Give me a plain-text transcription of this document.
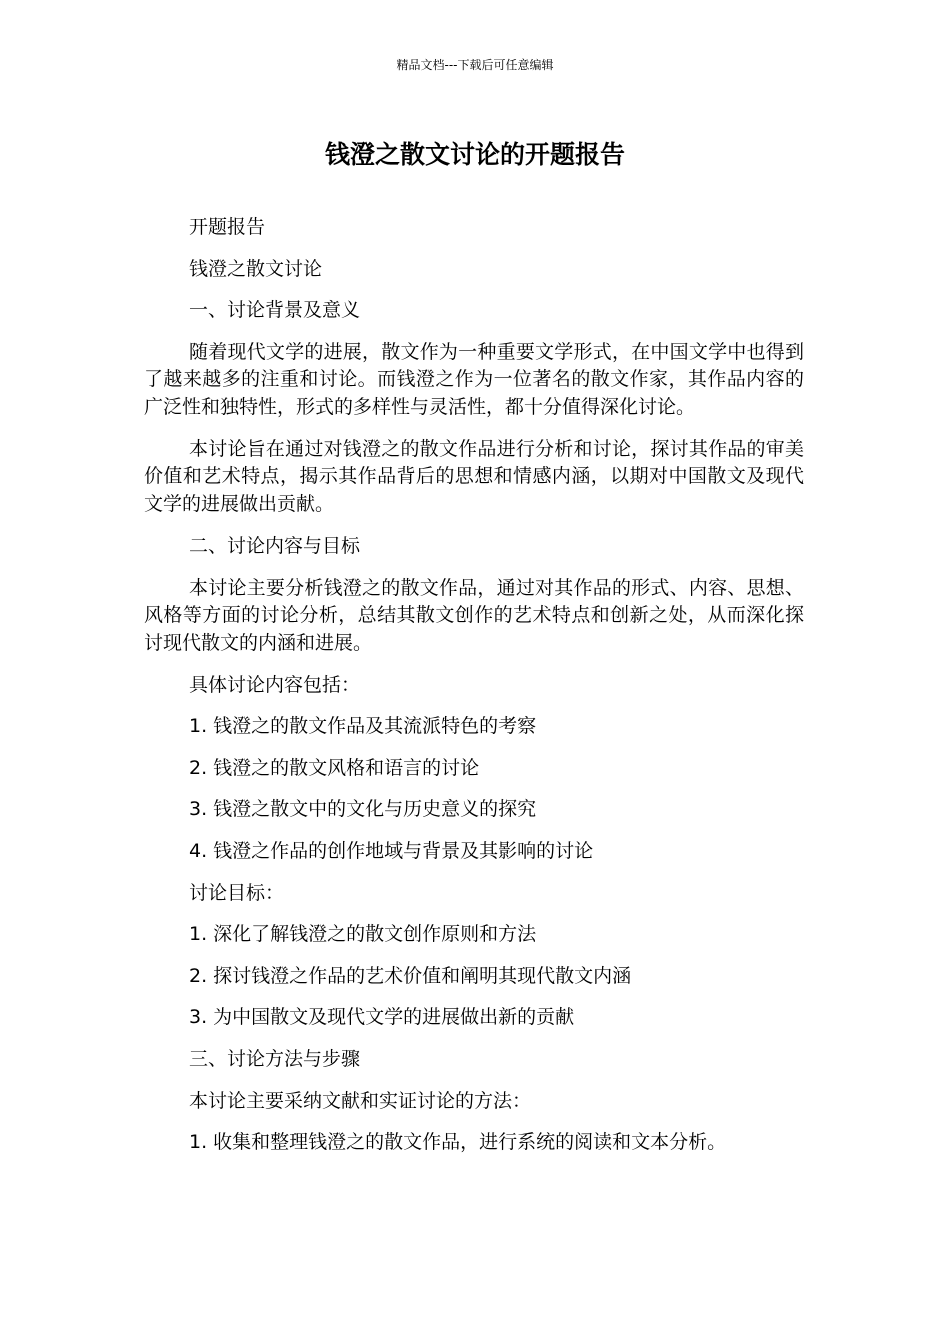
精品文档---下载后可任意编辑
钱澄之散文讨论的开题报告

开题报告

钱澄之散文讨论

一、讨论背景及意义

随着现代文学的进展，散文作为一种重要文学形式，在中国文学中也得到了越来越多的注重和讨论。而钱澄之作为一位著名的散文作家，其作品内容的广泛性和独特性，形式的多样性与灵活性，都十分值得深化讨论。

本讨论旨在通过对钱澄之的散文作品进行分析和讨论，探讨其作品的审美价值和艺术特点，揭示其作品背后的思想和情感内涵，以期对中国散文及现代文学的进展做出贡献。

二、讨论内容与目标

本讨论主要分析钱澄之的散文作品，通过对其作品的形式、内容、思想、风格等方面的讨论分析，总结其散文创作的艺术特点和创新之处，从而深化探讨现代散文的内涵和进展。

具体讨论内容包括：

1. 钱澄之的散文作品及其流派特色的考察

2. 钱澄之的散文风格和语言的讨论

3. 钱澄之散文中的文化与历史意义的探究

4. 钱澄之作品的创作地域与背景及其影响的讨论

讨论目标：

1. 深化了解钱澄之的散文创作原则和方法

2. 探讨钱澄之作品的艺术价值和阐明其现代散文内涵

3. 为中国散文及现代文学的进展做出新的贡献

三、讨论方法与步骤

本讨论主要采纳文献和实证讨论的方法：

1. 收集和整理钱澄之的散文作品，进行系统的阅读和文本分析。
